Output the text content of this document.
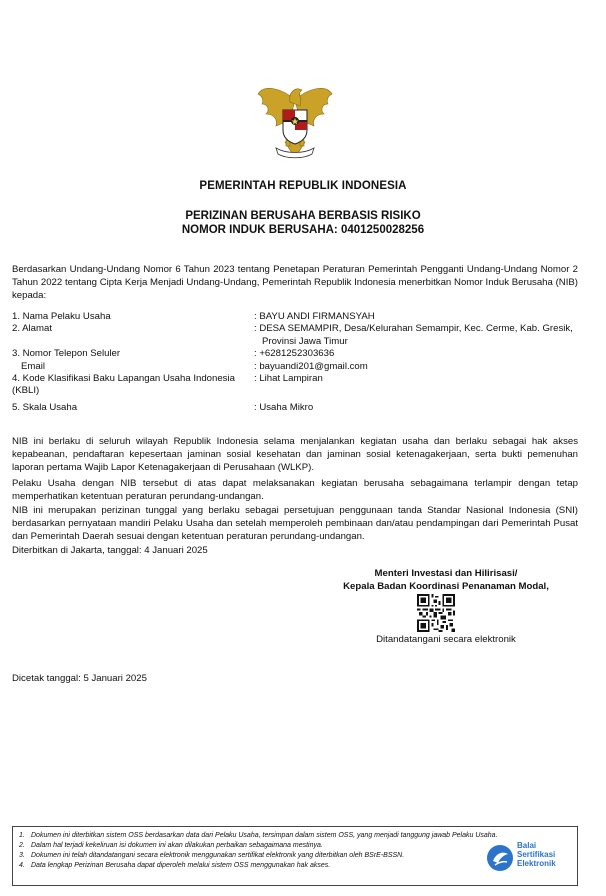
PEMERINTAH REPUBLIK INDONESIA
PERIZINAN BERUSAHA BERBASIS RISIKO
NOMOR INDUK BERUSAHA: 0401250028256
Berdasarkan Undang-Undang Nomor 6 Tahun 2023 tentang Penetapan Peraturan Pemerintah Pengganti Undang-Undang Nomor 2 Tahun 2022 tentang Cipta Kerja Menjadi Undang-Undang, Pemerintah Republik Indonesia menerbitkan Nomor Induk Berusaha (NIB) kepada:
1. Nama Pelaku Usaha	: BAYU ANDI FIRMANSYAH
2. Alamat	: DESA SEMAMPIR, Desa/Kelurahan Semampir, Kec. Cerme, Kab. Gresik, Provinsi Jawa Timur
3. Nomor Telepon Seluler	: +6281252303636
Email	: bayuandi201@gmail.com
4. Kode Klasifikasi Baku Lapangan Usaha Indonesia (KBLI)
: Lihat Lampiran
5. Skala Usaha	: Usaha Mikro
NIB ini berlaku di seluruh wilayah Republik Indonesia selama menjalankan kegiatan usaha dan berlaku sebagai hak akses kepabeanan, pendaftaran kepesertaan jaminan sosial kesehatan dan jaminan sosial ketenagakerjaan, serta bukti pemenuhan laporan pertama Wajib Lapor Ketenagakerjaan di Perusahaan (WLKP).
Pelaku Usaha dengan NIB tersebut di atas dapat melaksanakan kegiatan berusaha sebagaimana terlampir dengan tetap memperhatikan ketentuan peraturan perundang-undangan.
NIB ini merupakan perizinan tunggal yang berlaku sebagai persetujuan penggunaan tanda Standar Nasional Indonesia (SNI) berdasarkan pernyataan mandiri Pelaku Usaha dan setelah memperoleh pembinaan dan/atau pendampingan dari Pemerintah Pusat dan Pemerintah Daerah sesuai dengan ketentuan peraturan perundang-undangan.
Diterbitkan di Jakarta, tanggal: 4 Januari 2025
Menteri Investasi dan Hilirisasi/
Kepala Badan Koordinasi Penanaman Modal,
Ditandatangani secara elektronik
Dicetak tanggal: 5 Januari 2025
1. Dokumen ini diterbitkan sistem OSS berdasarkan data dari Pelaku Usaha, tersimpan dalam sistem OSS, yang menjadi tanggung jawab Pelaku Usaha.
2. Dalam hal terjadi kekeliruan isi dokumen ini akan dilakukan perbaikan sebagaimana mestinya.
3. Dokumen ini telah ditandatangani secara elektronik menggunakan sertifikat elektronik yang diterbitkan oleh BSrE-BSSN.
4. Data lengkap Perizinan Berusaha dapat diperoleh melalui sistem OSS menggunakan hak akses.
Balai
Sertifikasi
Elektronik
